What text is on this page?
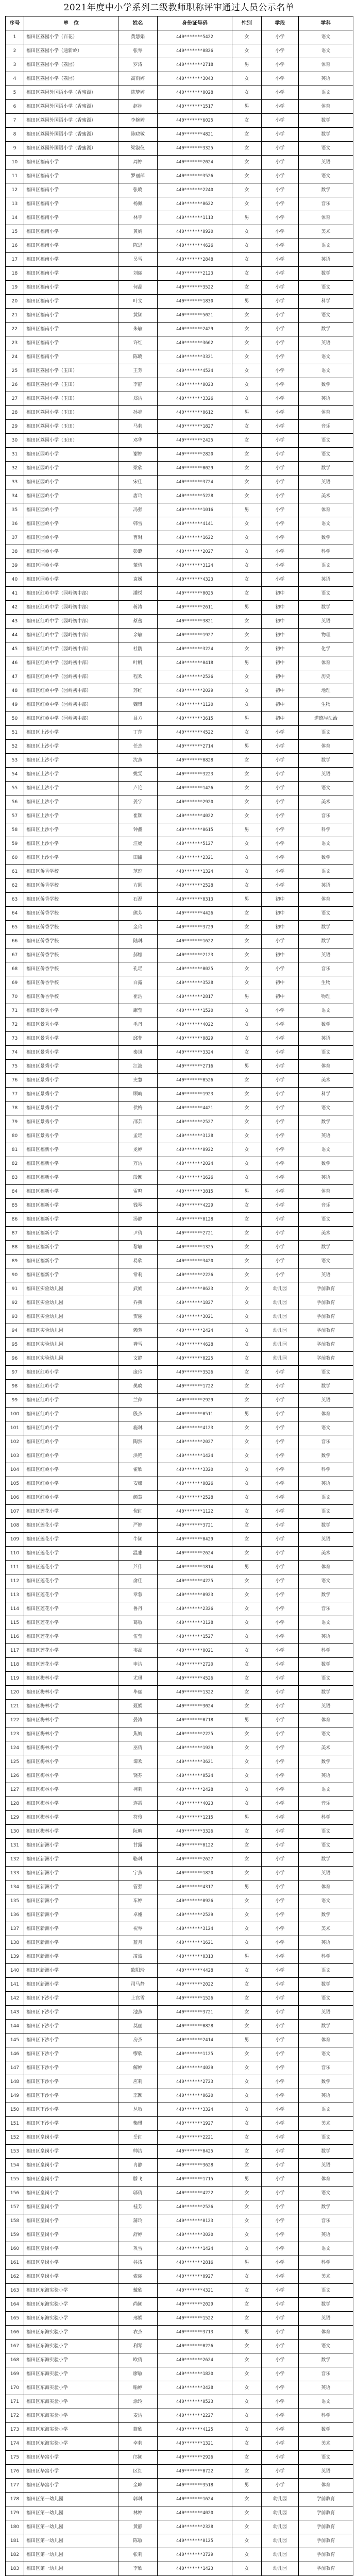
2021年度中小学系列二级教师职称评审通过人员公示名单
序号	单　位	姓名	身份证号码	性别	学段	学科
1	福田区荔园小学（百花）	黄慧娟	440*******5422	女	小学	语文
2	福田区荔园小学（通新岭）	张琴	440*******0826	女	小学	语文
3	福田区荔园小学（荔园）	罗涛	440*******2718	男	小学	体育
4	福田区荔园小学（荔园）	高雨婷	440*******3043	女	小学	英语
5	福田区荔园外国语小学（香蜜湖）	陈梦婷	440*******0028	女	小学	语文
6	福田区荔园外国语小学（香蜜湖）	赵林	440*******1517	男	小学	体育
7	福田区荔园外国语小学（香蜜湖）	李婉婷	440*******6025	女	小学	数学
8	福田区荔园外国语小学（香蜜湖）	陈晓敏	440*******4821	女	小学	数学
9	福田区荔园外国语小学（香蜜湖）	梁淑仪	440*******3325	女	小学	语文
10	福田区福南小学	周婷	440*******2024	女	小学	英语
11	福田区福南小学	罗丽萍	440*******3526	女	小学	语文
12	福田区福南小学	张晓	440*******2240	女	小学	数学
13	福田区福南小学	杨佩	440*******0622	女	小学	音乐
14	福田区福南小学	林宇	440*******1113	男	小学	体育
15	福田区福南小学	黄婧	440*******0920	女	小学	美术
16	福田区福南小学	陈思	440*******4626	女	小学	语文
17	福田区福南小学	吴雪	440*******2848	女	小学	英语
18	福田区福南小学	刘丽	440*******2123	女	小学	数学
19	福田区福南小学	何晶	440*******3522	女	小学	语文
20	福田区福南小学	叶文	440*******1830	男	小学	科学
21	福田区福南小学	黄颖	440*******5021	女	小学	语文
22	福田区福南小学	朱敏	440*******2429	女	小学	数学
23	福田区福南小学	许红	440*******3662	女	小学	英语
24	福田区福南小学	陈晓	440*******3321	女	小学	语文
25	福田区荔园小学（玉田）	王芳	440*******4524	女	小学	语文
26	福田区荔园小学（玉田）	李静	440*******0023	女	小学	数学
27	福田区荔园小学（玉田）	郑洁	440*******3326	女	小学	英语
28	福田区荔园小学（玉田）	孙亮	440*******0612	男	小学	体育
29	福田区荔园小学（玉田）	马莉	440*******1827	女	小学	音乐
30	福田区荔园小学（玉田）	邓华	440*******2425	女	小学	语文
31	福田区园岭小学	谢婷	440*******2820	女	小学	语文
32	福田区园岭小学	梁欣	440*******0029	女	小学	数学
33	福田区园岭小学	宋佳	440*******3724	女	小学	英语
34	福田区园岭小学	唐玲	440*******5228	女	小学	美术
35	福田区园岭小学	冯强	440*******1016	男	小学	体育
36	福田区园岭小学	韩雪	440*******4141	女	小学	语文
37	福田区园岭小学	曹琳	440*******1622	女	小学	数学
38	福田区园岭小学	彭璐	440*******2027	女	小学	科学
39	福田区园岭小学	董倩	440*******3124	女	小学	语文
40	福田区园岭小学	袁媛	440*******4323	女	小学	英语
41	福田区红岭中学（园岭初中部）	潘悦	440*******0025	女	初中	语文
42	福田区红岭中学（园岭初中部）	蒋涛	440*******2611	男	初中	数学
43	福田区红岭中学（园岭初中部）	蔡蕾	440*******3821	女	初中	英语
44	福田区红岭中学（园岭初中部）	余敏	440*******1927	女	初中	物理
45	福田区红岭中学（园岭初中部）	杜鹃	440*******3224	女	初中	化学
46	福田区红岭中学（园岭初中部）	叶帆	440*******0418	男	初中	体育
47	福田区红岭中学（园岭初中部）	程欢	440*******2526	女	初中	历史
48	福田区红岭中学（园岭初中部）	苏红	440*******2029	女	初中	地理
49	福田区红岭中学（园岭初中部）	魏琪	440*******1120	女	初中	生物
50	福田区红岭中学（园岭初中部）	吕方	440*******3615	男	初中	道德与法治
51	福田区上沙小学	丁萍	440*******4522	女	小学	语文
52	福田区上沙小学	任杰	440*******2714	男	小学	体育
53	福田区上沙小学	沈燕	440*******0828	女	小学	数学
54	福田区上沙小学	姚雯	440*******3223	女	小学	英语
55	福田区上沙小学	卢艳	440*******1426	女	小学	语文
56	福田区上沙小学	姜宁	440*******2920	女	小学	美术
57	福田区上沙小学	崔颖	440*******4022	女	小学	音乐
58	福田区上沙小学	钟鑫	440*******0615	男	小学	科学
59	福田区上沙小学	汪婕	440*******5127	女	小学	语文
60	福田区上沙小学	田甜	440*******2321	女	小学	数学
61	福田区侨香学校	范琼	440*******1324	女	小学	语文
62	福田区侨香学校	方圆	440*******2528	女	小学	英语
63	福田区侨香学校	石磊	440*******0313	男	初中	体育
64	福田区侨香学校	熊芳	440*******4426	女	初中	语文
65	福田区侨香学校	金玲	440*******3729	女	初中	数学
66	福田区侨香学校	陆琳	440*******1622	女	小学	数学
67	福田区侨香学校	郝娜	440*******2123	女	初中	英语
68	福田区侨香学校	孔瑶	440*******0025	女	小学	音乐
69	福田区侨香学校	白露	440*******3528	女	初中	生物
70	福田区侨香学校	崔浩	440*******2817	男	初中	物理
71	福田区景秀小学	康莹	440*******1520	女	小学	语文
72	福田区景秀小学	毛丹	440*******4022	女	小学	数学
73	福田区景秀小学	邱菲	440*******0829	女	小学	英语
74	福田区景秀小学	秦岚	440*******3324	女	小学	语文
75	福田区景秀小学	江波	440*******2716	男	小学	体育
76	福田区景秀小学	史慧	440*******0526	女	小学	美术
77	福田区景秀小学	顾晴	440*******1923	女	小学	科学
78	福田区景秀小学	侯梅	440*******4421	女	小学	语文
79	福田区景秀小学	邵芸	440*******2527	女	小学	数学
80	福田区景秀小学	孟瑶	440*******3128	女	小学	英语
81	福田区福新小学	龙婷	440*******0922	女	小学	语文
82	福田区福新小学	万洁	440*******2024	女	小学	数学
83	福田区福新小学	段颖	440*******1626	女	小学	英语
84	福田区福新小学	雷鸣	440*******3815	男	小学	体育
85	福田区福新小学	钱琴	440*******4229	女	小学	音乐
86	福田区福新小学	汤静	440*******0128	女	小学	语文
87	福田区福新小学	尹倩	440*******2721	女	小学	美术
88	福田区福新小学	黎敏	440*******1325	女	小学	数学
89	福田区福新小学	易欣	440*******3420	女	小学	语文
90	福田区福新小学	常莉	440*******2226	女	小学	英语
91	福田区实验幼儿园	武娟	440*******0623	女	幼儿园	学前教育
92	福田区实验幼儿园	乔燕	440*******1827	女	幼儿园	学前教育
93	福田区实验幼儿园	贺丽	440*******3021	女	幼儿园	学前教育
94	福田区实验幼儿园	赖芳	440*******2424	女	幼儿园	学前教育
95	福田区实验幼儿园	龚雪	440*******4628	女	幼儿园	学前教育
96	福田区实验幼儿园	文静	440*******0225	女	幼儿园	学前教育
97	福田区红岭小学	庞玲	440*******3526	女	小学	语文
98	福田区红岭小学	樊晓	440*******1722	女	小学	数学
99	福田区红岭小学	兰萍	440*******2929	女	小学	英语
100	福田区红岭小学	殷杰	440*******0511	男	小学	体育
101	福田区红岭小学	施琳	440*******4123	女	小学	语文
102	福田区红岭小学	陶然	440*******2027	女	小学	音乐
103	福田区红岭小学	洪艳	440*******1424	女	小学	数学
104	福田区红岭小学	翟欣	440*******3320	女	小学	科学
105	福田区红岭小学	安娜	440*******0826	女	小学	英语
106	福田区红岭小学	颜慧	440*******2528	女	小学	语文
107	福田区莲花小学	倪红	440*******1122	女	小学	语文
108	福田区莲花小学	严婷	440*******3721	女	小学	数学
109	福田区莲花小学	牛颖	440*******0429	女	小学	英语
110	福田区莲花小学	温雅	440*******2624	女	小学	美术
111	福田区莲花小学	芦伟	440*******1814	男	小学	体育
112	福田区莲花小学	俞佳	440*******4225	女	小学	语文
113	福田区莲花小学	章蓉	440*******0923	女	小学	数学
114	福田区莲花小学	鲁丹	440*******2326	女	小学	音乐
115	福田区莲花小学	葛敏	440*******3128	女	小学	语文
116	福田区莲花小学	伍莹	440*******1527	女	小学	英语
117	福田区莲花小学	韦晶	440*******0021	女	小学	科学
118	福田区莲花小学	申洁	440*******2720	女	小学	数学
119	福田区梅林小学	尤琪	440*******4526	女	小学	语文
120	福田区梅林小学	毕丽	440*******1322	女	小学	数学
121	福田区梅林小学	聂娟	440*******3024	女	小学	英语
122	福田区梅林小学	晏涛	440*******0718	男	小学	体育
123	福田区梅林小学	焦婧	440*******2225	女	小学	语文
124	福田区梅林小学	巫倩	440*******1929	女	小学	美术
125	福田区梅林小学	谭欢	440*******3621	女	小学	数学
126	福田区梅林小学	饶芬	440*******0524	女	小学	英语
127	福田区梅林小学	柯莉	440*******2428	女	小学	语文
128	福田区梅林小学	连霞	440*******4023	女	小学	音乐
129	福田区梅林小学	符俊	440*******1215	男	小学	科学
130	福田区梅林小学	阮晴	440*******3326	女	小学	语文
131	福田区新洲小学	甘露	440*******0122	女	小学	语文
132	福田区新洲小学	骆琳	440*******2627	女	小学	数学
133	福田区新洲小学	宁燕	440*******1820	女	小学	英语
134	福田区新洲小学	管强	440*******4317	男	小学	体育
135	福田区新洲小学	车婷	440*******0926	女	小学	语文
136	福田区新洲小学	卓娅	440*******2529	女	小学	数学
137	福田区新洲小学	祝琴	440*******3124	女	小学	美术
138	福田区新洲小学	蓝月	440*******1621	女	小学	英语
139	福田区新洲小学	凌波	440*******0313	男	小学	科学
140	福田区新洲小学	欧阳玲	440*******4428	女	小学	语文
141	福田区新洲小学	司马静	440*******2022	女	小学	数学
142	福田区下沙小学	上官雪	440*******1526	女	小学	语文
143	福田区下沙小学	池燕	440*******3721	女	小学	英语
144	福田区下沙小学	莫丽	440*******0828	女	小学	数学
145	福田区下沙小学	房杰	440*******2414	男	小学	体育
146	福田区下沙小学	缪欣	440*******1125	女	小学	语文
147	福田区下沙小学	解婷	440*******4029	女	小学	音乐
148	福田区下沙小学	应莉	440*******2723	女	小学	数学
149	福田区下沙小学	宗颖	440*******0620	女	小学	英语
150	福田区下沙小学	丛敏	440*******3324	女	小学	语文
151	福田区下沙小学	柴琪	440*******1927	女	小学	美术
152	福田区皇岗小学	岳红	440*******2221	女	小学	语文
153	福田区皇岗小学	帅洁	440*******0425	女	小学	数学
154	福田区皇岗小学	冉静	440*******3628	女	小学	英语
155	福田区皇岗小学	滕飞	440*******1715	男	小学	体育
156	福田区皇岗小学	邬倩	440*******4222	女	小学	语文
157	福田区皇岗小学	桂芳	440*******2526	女	小学	数学
158	福田区皇岗小学	蒲玲	440*******0123	女	小学	音乐
159	福田区皇岗小学	舒婷	440*******3020	女	小学	英语
160	福田区皇岗小学	巩雪	440*******1424	女	小学	语文
161	福田区皇岗小学	谷涛	440*******2816	男	小学	科学
162	福田区皇岗小学	索丽	440*******0927	女	小学	美术
163	福田区东海实验小学	戴欣	440*******4321	女	小学	语文
164	福田区东海实验小学	尚颖	440*******2029	女	小学	数学
165	福田区东海实验小学	邢娟	440*******1522	女	小学	英语
166	福田区东海实验小学	农杰	440*******3713	男	小学	体育
167	福田区东海实验小学	利琴	440*******0226	女	小学	语文
168	福田区东海实验小学	欧倩	440*******2624	女	小学	数学
169	福田区东海实验小学	廖敏	440*******1820	女	小学	音乐
170	福田区东海实验小学	喻婷	440*******3428	女	小学	英语
171	福田区东海实验小学	涂玲	440*******0523	女	小学	语文
172	福田区东海实验小学	麦洁	440*******2227	女	小学	科学
173	福田区东海实验小学	简欣	440*******4125	女	小学	数学
174	福田区东海实验小学	幸莉	440*******1321	女	小学	美术
175	福田区华富小学	邝颖	440*******2926	女	小学	语文
176	福田区华富小学	区红	440*******0722	女	小学	英语
177	福田区华富小学	全峰	440*******3518	男	小学	体育
178	福田区第一幼儿园	郭琳	440*******1624	女	幼儿园	学前教育
179	福田区第一幼儿园	林婷	440*******4020	女	幼儿园	学前教育
180	福田区第一幼儿园	黄静	440*******2328	女	幼儿园	学前教育
181	福田区第一幼儿园	陈敏	440*******0125	女	幼儿园	学前教育
182	福田区第一幼儿园	张莉	440*******3729	女	幼儿园	学前教育
183	福田区第一幼儿园	李欣	440*******1423	女	幼儿园	学前教育
